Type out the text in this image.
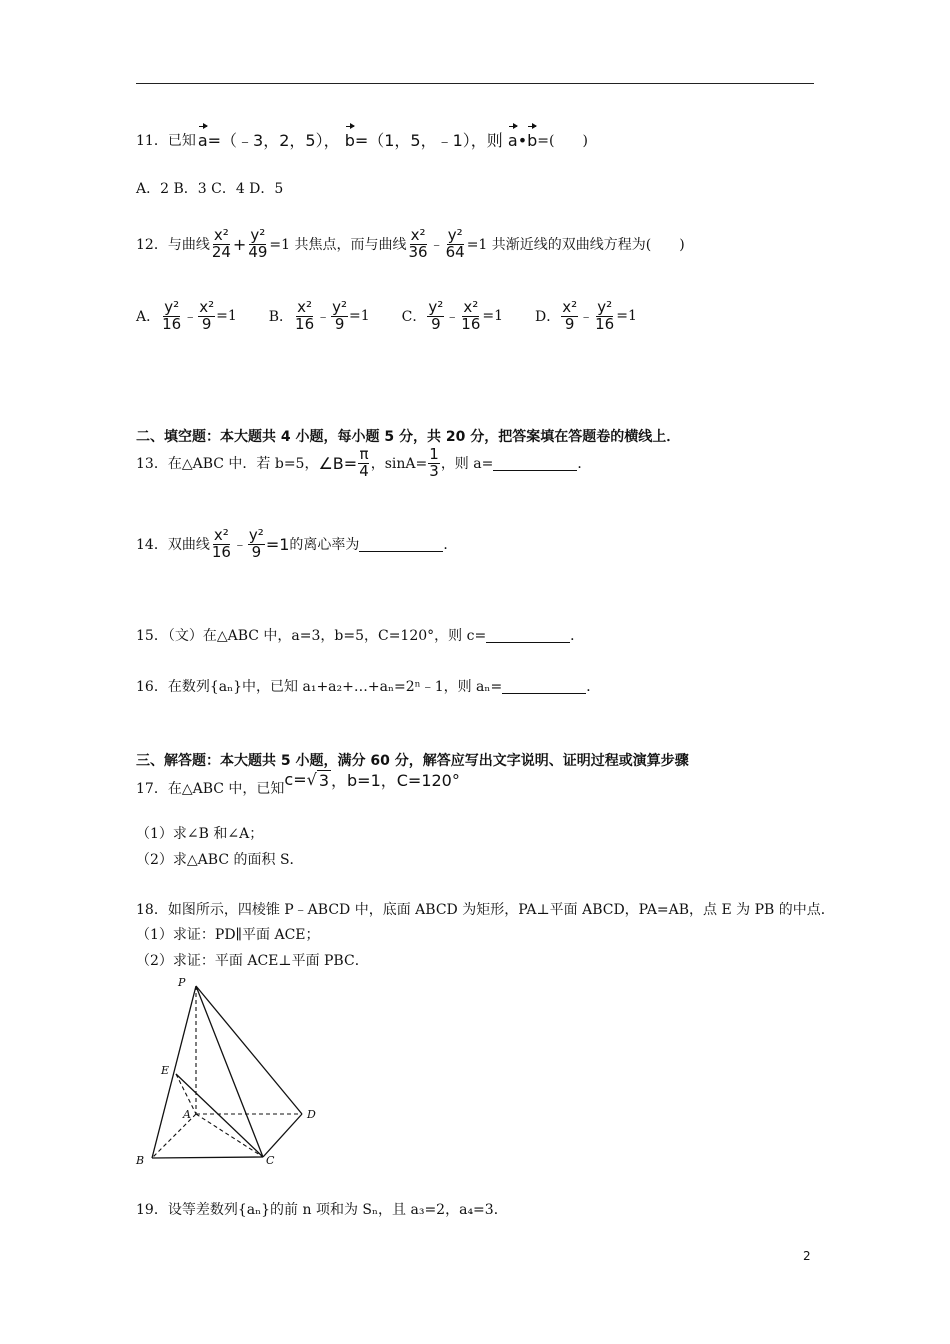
11．已知 a=（﹣3，2，5）， b=（1，5，﹣1），则 a•b =(　　)
A．2 B．3 C．4 D．5
12．与曲线 $\frac{\text{x²}}{24} + \frac{\text{y²}}{49} =1$ 共焦点，而与曲线 $\frac{\text{x²}}{36}$ ﹣ $\frac{\text{y²}}{64} =1$ 共渐近线的双曲线方程为(　　)
A． $\frac{\text{y²}}{16}$ ﹣ $\frac{\text{x²}}{9} =1$ B． $\frac{\text{x²}}{16}$ ﹣ $\frac{\text{y²}}{9} =1$ C． $\frac{\text{y²}}{9}$ ﹣ $\frac{\text{x²}}{16} =1$ D． $\frac{\text{x²}}{9}$ ﹣ $\frac{\text{y²}}{16} =1$
二、填空题：本大题共 4 小题，每小题 5 分，共 20 分，把答案填在答题卷的横线上．
13．在△ABC 中．若 b=5， ∠B= $\frac{\pi}{4}$ ，$\sin A= \frac{1}{3}$ ，则 a=	．
14．双曲线 $\frac{\text{x²}}{16}$ ﹣ $\frac{\text{y²}}{9} =1$ 的离心率为	．
15．（文）在△ABC 中，a=3，b=5，C=120°，则 c=	．
16．在数列{aₙ}中，已知 a₁+a₂+…+aₙ=2ⁿ﹣1，则 aₙ=	．
三、解答题：本大题共 5 小题，满分 60 分，解答应写出文字说明、证明过程或演算步骤
17．在△ABC 中，已知 c= √ 3 ，b=1，C=120°
（1）求∠B 和∠A；
（2）求△ABC 的面积 S．
18．如图所示，四棱锥 P﹣ABCD 中，底面 ABCD 为矩形，PA⊥平面 ABCD，PA=AB，点 E 为 PB 的中点．
（1）求证：PD∥平面 ACE；
（2）求证：平面 ACE⊥平面 PBC．
P
E
A	D
B	C
19．设等差数列{aₙ}的前 n 项和为 Sₙ，且 a₃=2，a₄=3．
2
